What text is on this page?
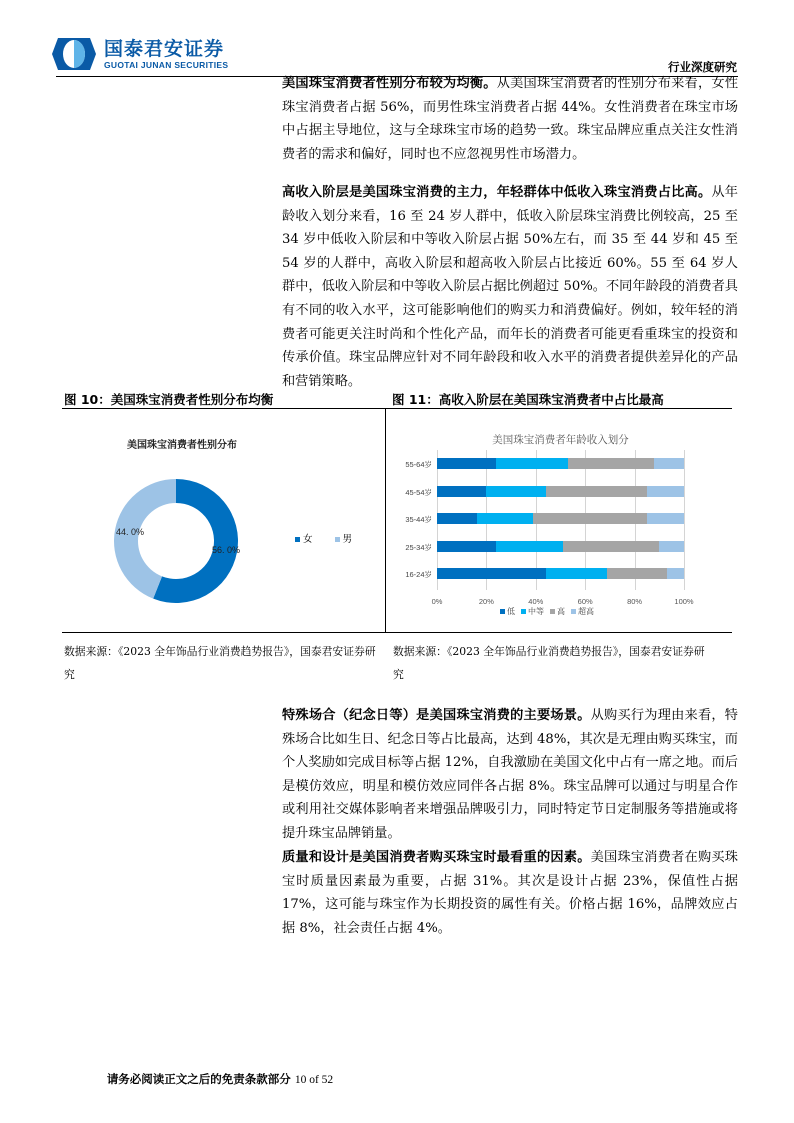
国泰君安证券
GUOTAI JUNAN SECURITIES	行业深度研究
美国珠宝消费者性别分布较为均衡。从美国珠宝消费者的性别分布来看，女性珠宝消费者占据 56%，而男性珠宝消费者占据 44%。女性消费者在珠宝市场中占据主导地位，这与全球珠宝市场的趋势一致。珠宝品牌应重点关注女性消费者的需求和偏好，同时也不应忽视男性市场潜力。
高收入阶层是美国珠宝消费的主力，年轻群体中低收入珠宝消费占比高。从年龄收入划分来看，16 至 24 岁人群中，低收入阶层珠宝消费比例较高，25 至 34 岁中低收入阶层和中等收入阶层占据 50%左右，而 35 至 44 岁和 45 至 54 岁的人群中，高收入阶层和超高收入阶层占比接近 60%。55 至 64 岁人群中，低收入阶层和中等收入阶层占据比例超过 50%。不同年龄段的消费者具有不同的收入水平，这可能影响他们的购买力和消费偏好。例如，较年轻的消费者可能更关注时尚和个性化产品，而年长的消费者可能更看重珠宝的投资和传承价值。珠宝品牌应针对不同年龄段和收入水平的消费者提供差异化的产品和营销策略。
图 10：美国珠宝消费者性别分布均衡	图 11：高收入阶层在美国珠宝消费者中占比最高
美国珠宝消费者性别分布
56. 0%
44. 0%
女	男
美国珠宝消费者年龄收入划分
55-64岁
45-54岁
35-44岁
25-34岁
16-24岁
0%	20%	40%	60%	80%	100%
低	中等	高	超高
数据来源：《2023 全年饰品行业消费趋势报告》，国泰君安证券研究
数据来源：《2023 全年饰品行业消费趋势报告》，国泰君安证券研究
特殊场合（纪念日等）是美国珠宝消费的主要场景。从购买行为理由来看，特殊场合比如生日、纪念日等占比最高，达到 48%，其次是无理由购买珠宝，而个人奖励如完成目标等占据 12%，自我激励在美国文化中占有一席之地。而后是模仿效应，明星和模仿效应同伴各占据 8%。珠宝品牌可以通过与明星合作或利用社交媒体影响者来增强品牌吸引力，同时特定节日定制服务等措施或将提升珠宝品牌销量。
质量和设计是美国消费者购买珠宝时最看重的因素。美国珠宝消费者在购买珠宝时质量因素最为重要，占据 31%。其次是设计占据 23%，保值性占据 17%，这可能与珠宝作为长期投资的属性有关。价格占据 16%，品牌效应占据 8%，社会责任占据 4%。
请务必阅读正文之后的免责条款部分 10 of 52
